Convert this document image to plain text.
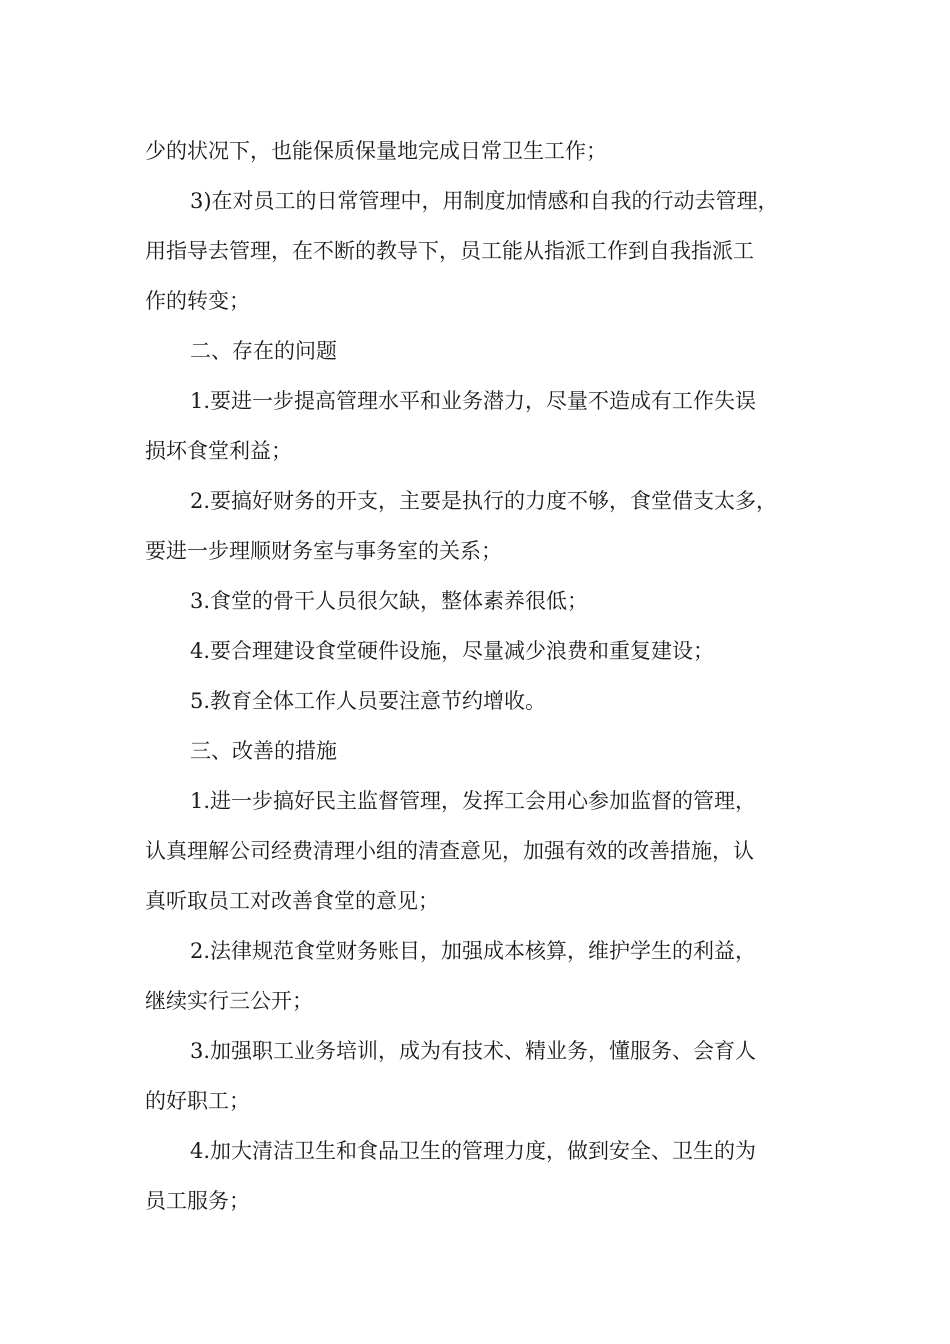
少的状况下，也能保质保量地完成日常卫生工作；
3)在对员工的日常管理中，用制度加情感和自我的行动去管理，
用指导去管理，在不断的教导下，员工能从指派工作到自我指派工
作的转变；
二、存在的问题
1.要进一步提高管理水平和业务潜力，尽量不造成有工作失误
损坏食堂利益；
2.要搞好财务的开支，主要是执行的力度不够，食堂借支太多，
要进一步理顺财务室与事务室的关系；
3.食堂的骨干人员很欠缺，整体素养很低；
4.要合理建设食堂硬件设施，尽量减少浪费和重复建设；
5.教育全体工作人员要注意节约增收。
三、改善的措施
1.进一步搞好民主监督管理，发挥工会用心参加监督的管理，
认真理解公司经费清理小组的清查意见，加强有效的改善措施，认
真听取员工对改善食堂的意见；
2.法律规范食堂财务账目，加强成本核算，维护学生的利益，
继续实行三公开；
3.加强职工业务培训，成为有技术、精业务，懂服务、会育人
的好职工；
4.加大清洁卫生和食品卫生的管理力度，做到安全、卫生的为
员工服务；
